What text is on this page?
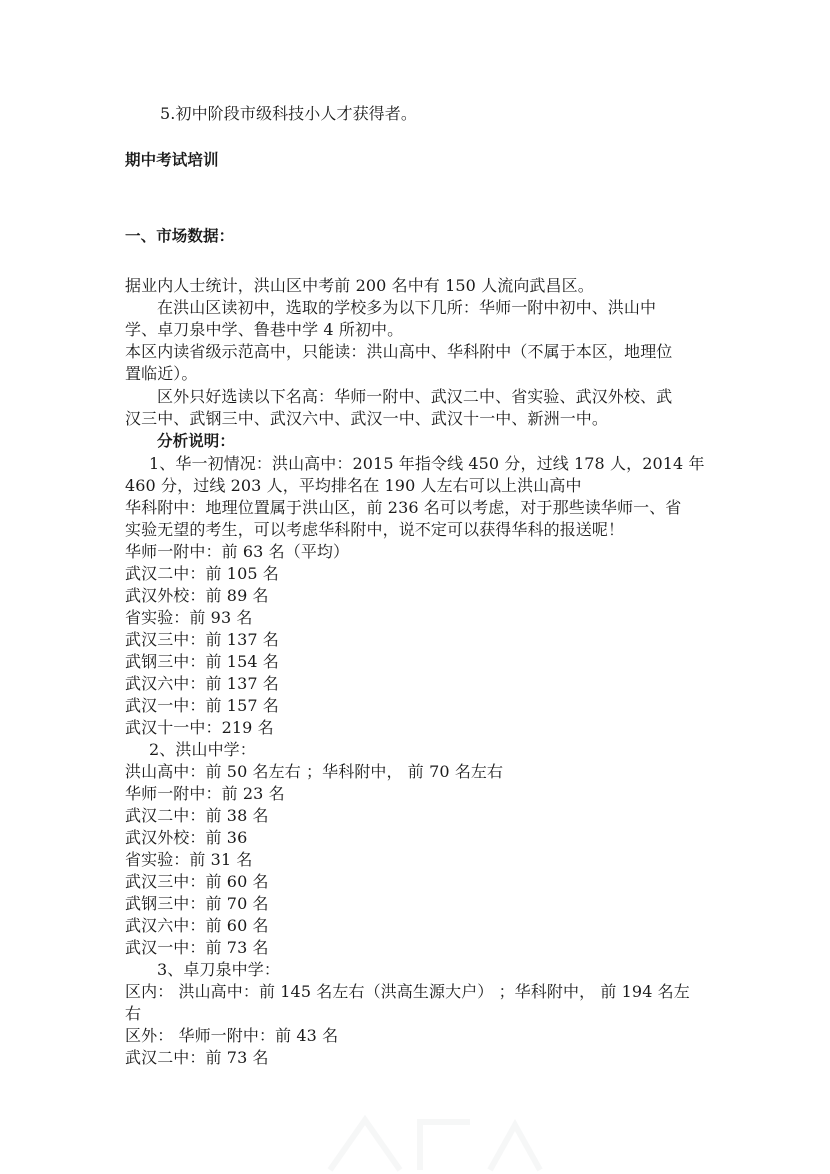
5.初中阶段市级科技小人才获得者。
期中考试培训
一、市场数据：
据业内人士统计，洪山区中考前 200 名中有 150 人流向武昌区。
在洪山区读初中，选取的学校多为以下几所：华师一附中初中、洪山中
学、卓刀泉中学、鲁巷中学 4 所初中。
本区内读省级示范高中，只能读：洪山高中、华科附中（不属于本区，地理位
置临近）。
区外只好选读以下名高：华师一附中、武汉二中、省实验、武汉外校、武
汉三中、武钢三中、武汉六中、武汉一中、武汉十一中、新洲一中。
分析说明：
1、华一初情况：洪山高中：2015 年指令线 450 分，过线 178 人，2014 年
460 分，过线 203 人，平均排名在 190 人左右可以上洪山高中
华科附中：地理位置属于洪山区，前 236 名可以考虑，对于那些读华师一、省
实验无望的考生，可以考虑华科附中，说不定可以获得华科的报送呢！
华师一附中：前 63 名（平均）
武汉二中：前 105 名
武汉外校：前 89 名
省实验：前 93 名
武汉三中：前 137 名
武钢三中：前 154 名
武汉六中：前 137 名
武汉一中：前 157 名
武汉十一中：219 名
2、洪山中学：
洪山高中：前 50 名左右 ；华科附中， 前 70 名左右
华师一附中：前 23 名
武汉二中：前 38 名
武汉外校：前 36
省实验：前 31 名
武汉三中：前 60 名
武钢三中：前 70 名
武汉六中：前 60 名
武汉一中：前 73 名
3、卓刀泉中学：
区内： 洪山高中：前 145 名左右（洪高生源大户） ；华科附中， 前 194 名左
右
区外： 华师一附中：前 43 名
武汉二中：前 73 名
